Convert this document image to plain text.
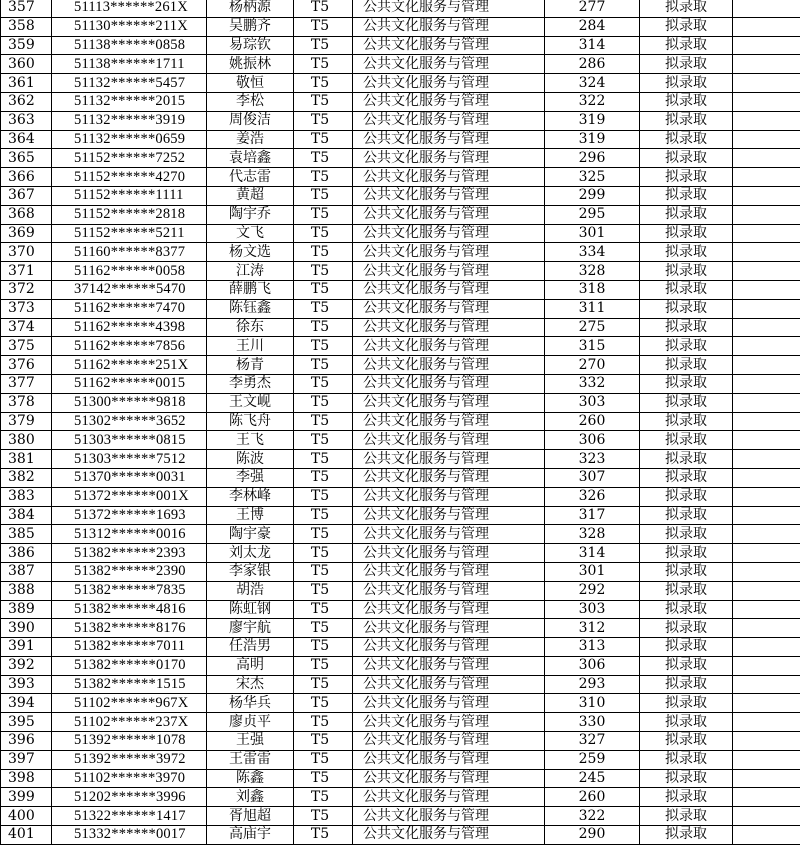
357	51113******261X	杨柄源	T5	公共文化服务与管理	277	拟录取	
358	51130******211X	吴鹏齐	T5	公共文化服务与管理	284	拟录取	
359	51138******0858	易琮钦	T5	公共文化服务与管理	314	拟录取	
360	51138******1711	姚振林	T5	公共文化服务与管理	286	拟录取	
361	51132******5457	敬恒	T5	公共文化服务与管理	324	拟录取	
362	51132******2015	李松	T5	公共文化服务与管理	322	拟录取	
363	51132******3919	周俊洁	T5	公共文化服务与管理	319	拟录取	
364	51132******0659	姜浩	T5	公共文化服务与管理	319	拟录取	
365	51152******7252	袁培鑫	T5	公共文化服务与管理	296	拟录取	
366	51152******4270	代志雷	T5	公共文化服务与管理	325	拟录取	
367	51152******1111	黄超	T5	公共文化服务与管理	299	拟录取	
368	51152******2818	陶宇乔	T5	公共文化服务与管理	295	拟录取	
369	51152******5211	文飞	T5	公共文化服务与管理	301	拟录取	
370	51160******8377	杨文选	T5	公共文化服务与管理	334	拟录取	
371	51162******0058	江涛	T5	公共文化服务与管理	328	拟录取	
372	37142******5470	薛鹏飞	T5	公共文化服务与管理	318	拟录取	
373	51162******7470	陈钰鑫	T5	公共文化服务与管理	311	拟录取	
374	51162******4398	徐东	T5	公共文化服务与管理	275	拟录取	
375	51162******7856	王川	T5	公共文化服务与管理	315	拟录取	
376	51162******251X	杨青	T5	公共文化服务与管理	270	拟录取	
377	51162******0015	李勇杰	T5	公共文化服务与管理	332	拟录取	
378	51300******9818	王文岘	T5	公共文化服务与管理	303	拟录取	
379	51302******3652	陈飞舟	T5	公共文化服务与管理	260	拟录取	
380	51303******0815	王飞	T5	公共文化服务与管理	306	拟录取	
381	51303******7512	陈波	T5	公共文化服务与管理	323	拟录取	
382	51370******0031	李强	T5	公共文化服务与管理	307	拟录取	
383	51372******001X	李林峰	T5	公共文化服务与管理	326	拟录取	
384	51372******1693	王博	T5	公共文化服务与管理	317	拟录取	
385	51312******0016	陶宇豪	T5	公共文化服务与管理	328	拟录取	
386	51382******2393	刘太龙	T5	公共文化服务与管理	314	拟录取	
387	51382******2390	李家银	T5	公共文化服务与管理	301	拟录取	
388	51382******7835	胡浩	T5	公共文化服务与管理	292	拟录取	
389	51382******4816	陈虹钢	T5	公共文化服务与管理	303	拟录取	
390	51382******8176	廖宇航	T5	公共文化服务与管理	312	拟录取	
391	51382******7011	任浩男	T5	公共文化服务与管理	313	拟录取	
392	51382******0170	高明	T5	公共文化服务与管理	306	拟录取	
393	51382******1515	宋杰	T5	公共文化服务与管理	293	拟录取	
394	51102******967X	杨华兵	T5	公共文化服务与管理	310	拟录取	
395	51102******237X	廖贞平	T5	公共文化服务与管理	330	拟录取	
396	51392******1078	王强	T5	公共文化服务与管理	327	拟录取	
397	51392******3972	王雷雷	T5	公共文化服务与管理	259	拟录取	
398	51102******3970	陈鑫	T5	公共文化服务与管理	245	拟录取	
399	51202******3996	刘鑫	T5	公共文化服务与管理	260	拟录取	
400	51322******1417	胥旭超	T5	公共文化服务与管理	322	拟录取	
401	51332******0017	高庙宇	T5	公共文化服务与管理	290	拟录取	
